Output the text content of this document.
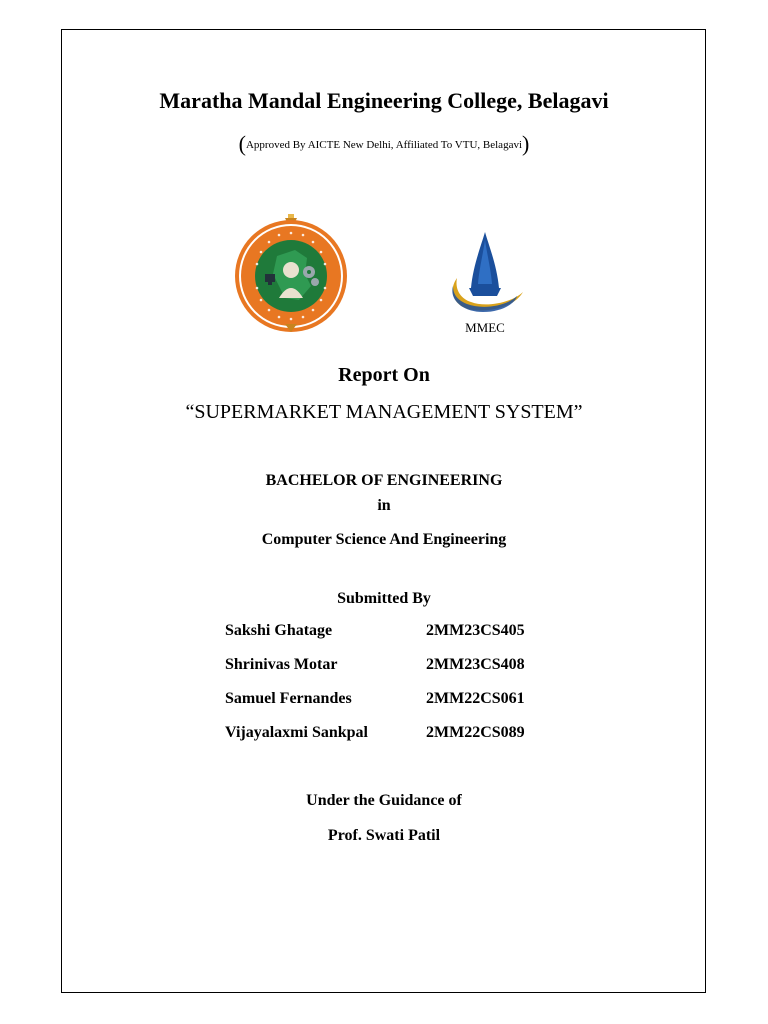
Maratha Mandal Engineering College, Belagavi
(Approved By AICTE New Delhi, Affiliated To VTU, Belagavi)
MMEC
Report On
“SUPERMARKET MANAGEMENT SYSTEM”
BACHELOR OF ENGINEERING
in
Computer Science And Engineering
Submitted By
Sakshi Ghatage	2MM23CS405
Shrinivas Motar	2MM23CS408
Samuel Fernandes	2MM22CS061
Vijayalaxmi Sankpal	2MM22CS089
Under the Guidance of
Prof. Swati Patil
